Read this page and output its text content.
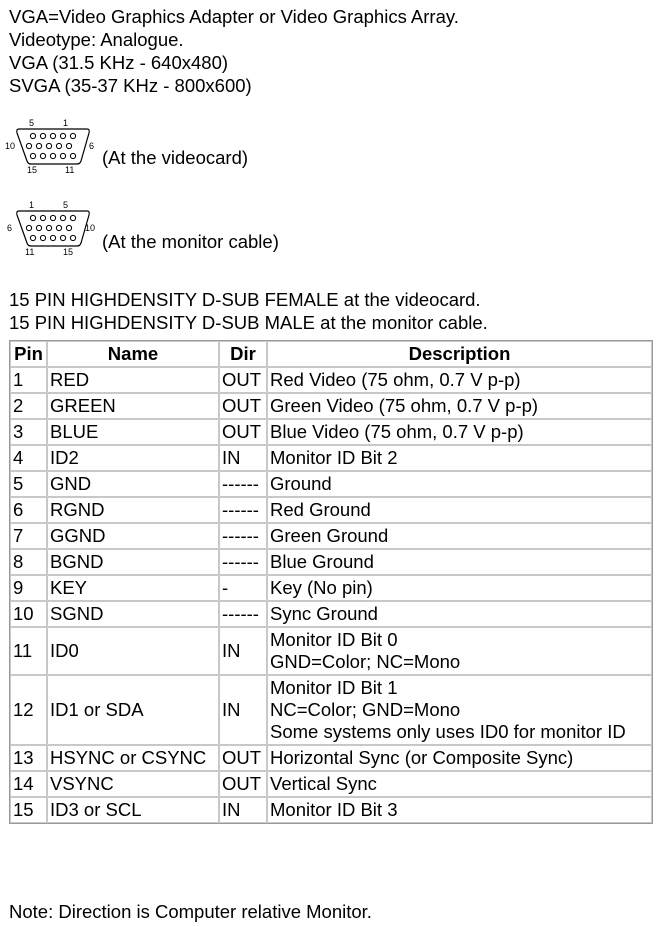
VGA=Video Graphics Adapter or Video Graphics Array.
Videotype: Analogue.
VGA (31.5 KHz - 640x480)
SVGA (35-37 KHz - 800x600)
5	1
10	6
15	11
(At the videocard)
1	5
6	10
11	15 (At the monitor cable)
15 PIN HIGHDENSITY D-SUB FEMALE at the videocard.
15 PIN HIGHDENSITY D-SUB MALE at the monitor cable.
Pin	Name	Dir	Description
1	RED	OUT	Red Video (75 ohm, 0.7 V p-p)

2	GREEN	OUT	Green Video (75 ohm, 0.7 V p-p)

3	BLUE	OUT	Blue Video (75 ohm, 0.7 V p-p)

4	ID2	IN	Monitor ID Bit 2

5	GND	------	Ground

6	RGND	------	Red Ground

7	GGND	------	Green Ground

8	BGND	------	Blue Ground

9	KEY	-	Key (No pin)

10	SGND	------	Sync Ground

11	ID0	IN	Monitor ID Bit 0
GND=Color; NC=Mono

12	ID1 or SDA	IN	Monitor ID Bit 1
NC=Color; GND=Mono
Some systems only uses ID0 for monitor ID

13	HSYNC or CSYNC	OUT	Horizontal Sync (or Composite Sync)

14	VSYNC	OUT	Vertical Sync

15	ID3 or SCL	IN	Monitor ID Bit 3
Note: Direction is Computer relative Monitor.
